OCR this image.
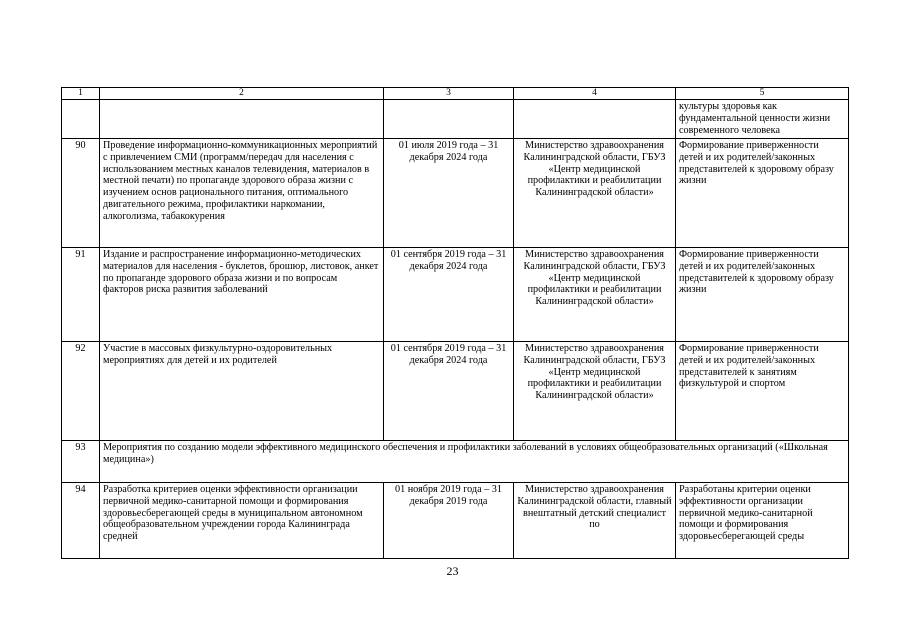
1	2	3	4	5
				культуры здоровья как фундаментальной ценности жизни современного человека
90	Проведение информационно-коммуникационных мероприятий с привлечением СМИ (программ/передач для населения с использованием местных каналов телевидения, материалов в местной печати) по пропаганде здорового образа жизни с изучением основ рационального питания, оптимального двигательного режима, профилактики наркомании, алкоголизма, табакокурения	01 июля 2019 года – 31 декабря 2024 года	Министерство здравоохранения Калининградской области, ГБУЗ «Центр медицинской профилактики и реабилитации Калининградской области»	Формирование приверженности детей и их родителей/законных представителей к здоровому образу жизни
91	Издание и распространение информационно-методических материалов для населения - буклетов, брошюр, листовок, анкет по пропаганде здорового образа жизни и по вопросам факторов риска развития заболеваний	01 сентября 2019 года – 31 декабря 2024 года	Министерство здравоохранения Калининградской области, ГБУЗ «Центр медицинской профилактики и реабилитации Калининградской области»	Формирование приверженности детей и их родителей/законных представителей к здоровому образу жизни
92	Участие в массовых физкультурно-оздоровительных мероприятиях для детей и их родителей	01 сентября 2019 года – 31 декабря 2024 года	Министерство здравоохранения Калининградской области, ГБУЗ «Центр медицинской профилактики и реабилитации Калининградской области»	Формирование приверженности детей и их родителей/законных представителей к занятиям физкультурой и спортом
93	Мероприятия по созданию модели эффективного медицинского обеспечения и профилактики заболеваний в условиях общеобразовательных организаций («Школьная медицина»)			
94	Разработка критериев оценки эффективности организации первичной медико-санитарной помощи и формирования здоровьесберегающей среды в муниципальном автономном общеобразовательном учреждении города Калининграда средней	01 ноября 2019 года – 31 декабря 2019 года	Министерство здравоохранения Калининградской области, главный внештатный детский специалист по	Разработаны критерии оценки эффективности организации первичной медико-санитарной помощи и формирования здоровьесберегающей среды
23
